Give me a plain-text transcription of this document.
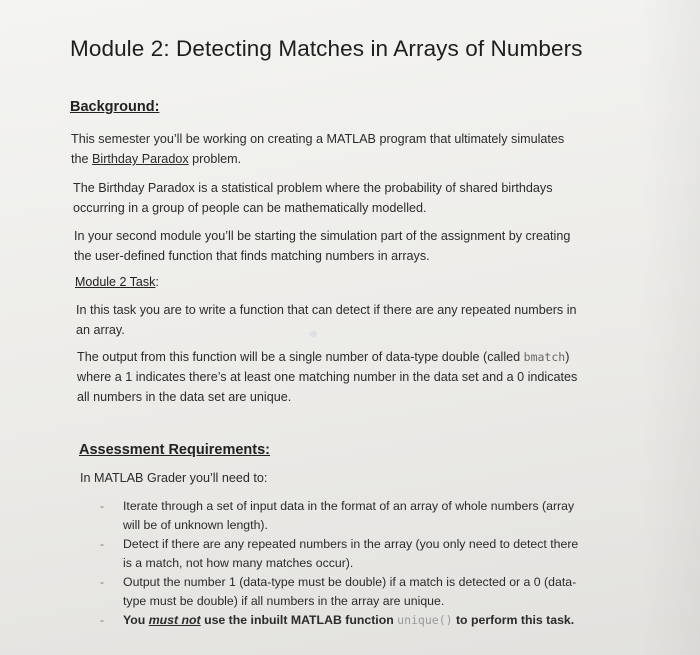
Module 2: Detecting Matches in Arrays of Numbers
Background:
This semester you’ll be working on creating a MATLAB program that ultimately simulates
the Birthday Paradox problem.
The Birthday Paradox is a statistical problem where the probability of shared birthdays
occurring in a group of people can be mathematically modelled.
In your second module you’ll be starting the simulation part of the assignment by creating
the user-defined function that finds matching numbers in arrays.
Module 2 Task:
In this task you are to write a function that can detect if there are any repeated numbers in
an array.
The output from this function will be a single number of data-type double (called bmatch)
where a 1 indicates there’s at least one matching number in the data set and a 0 indicates
all numbers in the data set are unique.
Assessment Requirements:
In MATLAB Grader you’ll need to:
- Iterate through a set of input data in the format of an array of whole numbers (array
will be of unknown length).
- Detect if there are any repeated numbers in the array (you only need to detect there
is a match, not how many matches occur).
- Output the number 1 (data-type must be double) if a match is detected or a 0 (data-
type must be double) if all numbers in the array are unique.
- You must not use the inbuilt MATLAB function unique() to perform this task.
